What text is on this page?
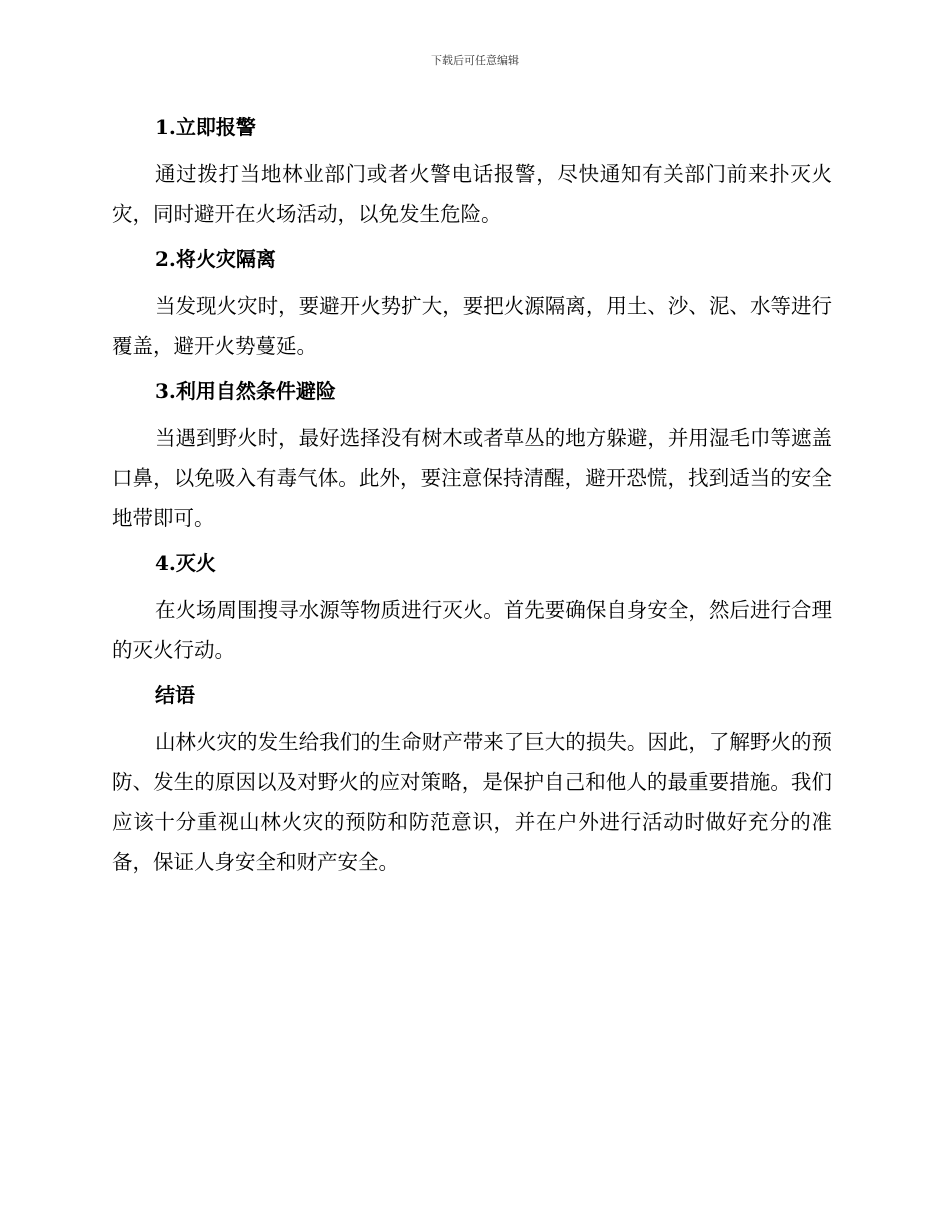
下载后可任意编辑
1.立即报警

通过拨打当地林业部门或者火警电话报警，尽快通知有关部门前来扑灭火灾，同时避开在火场活动，以免发生危险。

2.将火灾隔离

当发现火灾时，要避开火势扩大，要把火源隔离，用土、沙、泥、水等进行覆盖，避开火势蔓延。

3.利用自然条件避险

当遇到野火时，最好选择没有树木或者草丛的地方躲避，并用湿毛巾等遮盖口鼻，以免吸入有毒气体。此外，要注意保持清醒，避开恐慌，找到适当的安全地带即可。

4.灭火

在火场周围搜寻水源等物质进行灭火。首先要确保自身安全，然后进行合理的灭火行动。

结语

山林火灾的发生给我们的生命财产带来了巨大的损失。因此，了解野火的预防、发生的原因以及对野火的应对策略，是保护自己和他人的最重要措施。我们应该十分重视山林火灾的预防和防范意识，并在户外进行活动时做好充分的准备，保证人身安全和财产安全。
